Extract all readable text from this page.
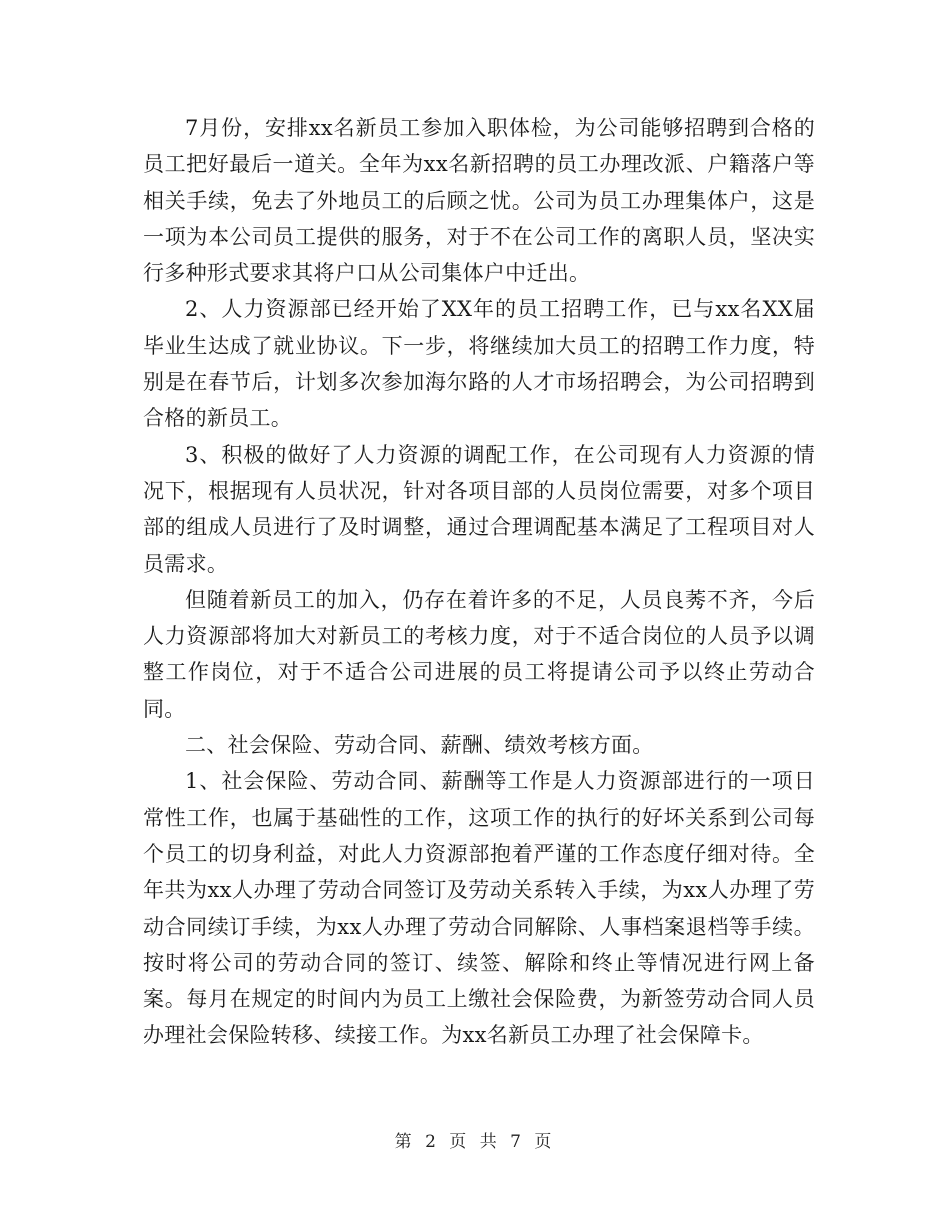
7月份，安排xx名新员工参加入职体检，为公司能够招聘到合格的员工把好最后一道关。全年为xx名新招聘的员工办理改派、户籍落户等相关手续，免去了外地员工的后顾之忧。公司为员工办理集体户，这是一项为本公司员工提供的服务，对于不在公司工作的离职人员，坚决实行多种形式要求其将户口从公司集体户中迁出。

2、人力资源部已经开始了XX年的员工招聘工作，已与xx名XX届毕业生达成了就业协议。下一步，将继续加大员工的招聘工作力度，特别是在春节后，计划多次参加海尔路的人才市场招聘会，为公司招聘到合格的新员工。

3、积极的做好了人力资源的调配工作，在公司现有人力资源的情况下，根据现有人员状况，针对各项目部的人员岗位需要，对多个项目部的组成人员进行了及时调整，通过合理调配基本满足了工程项目对人员需求。

但随着新员工的加入，仍存在着许多的不足，人员良莠不齐，今后人力资源部将加大对新员工的考核力度，对于不适合岗位的人员予以调整工作岗位，对于不适合公司进展的员工将提请公司予以终止劳动合同。

二、社会保险、劳动合同、薪酬、绩效考核方面。

1、社会保险、劳动合同、薪酬等工作是人力资源部进行的一项日常性工作，也属于基础性的工作，这项工作的执行的好坏关系到公司每个员工的切身利益，对此人力资源部抱着严谨的工作态度仔细对待。全年共为xx人办理了劳动合同签订及劳动关系转入手续，为xx人办理了劳动合同续订手续，为xx人办理了劳动合同解除、人事档案退档等手续。按时将公司的劳动合同的签订、续签、解除和终止等情况进行网上备案。每月在规定的时间内为员工上缴社会保险费，为新签劳动合同人员办理社会保险转移、续接工作。为xx名新员工办理了社会保障卡。

第 2 页 共 7 页
